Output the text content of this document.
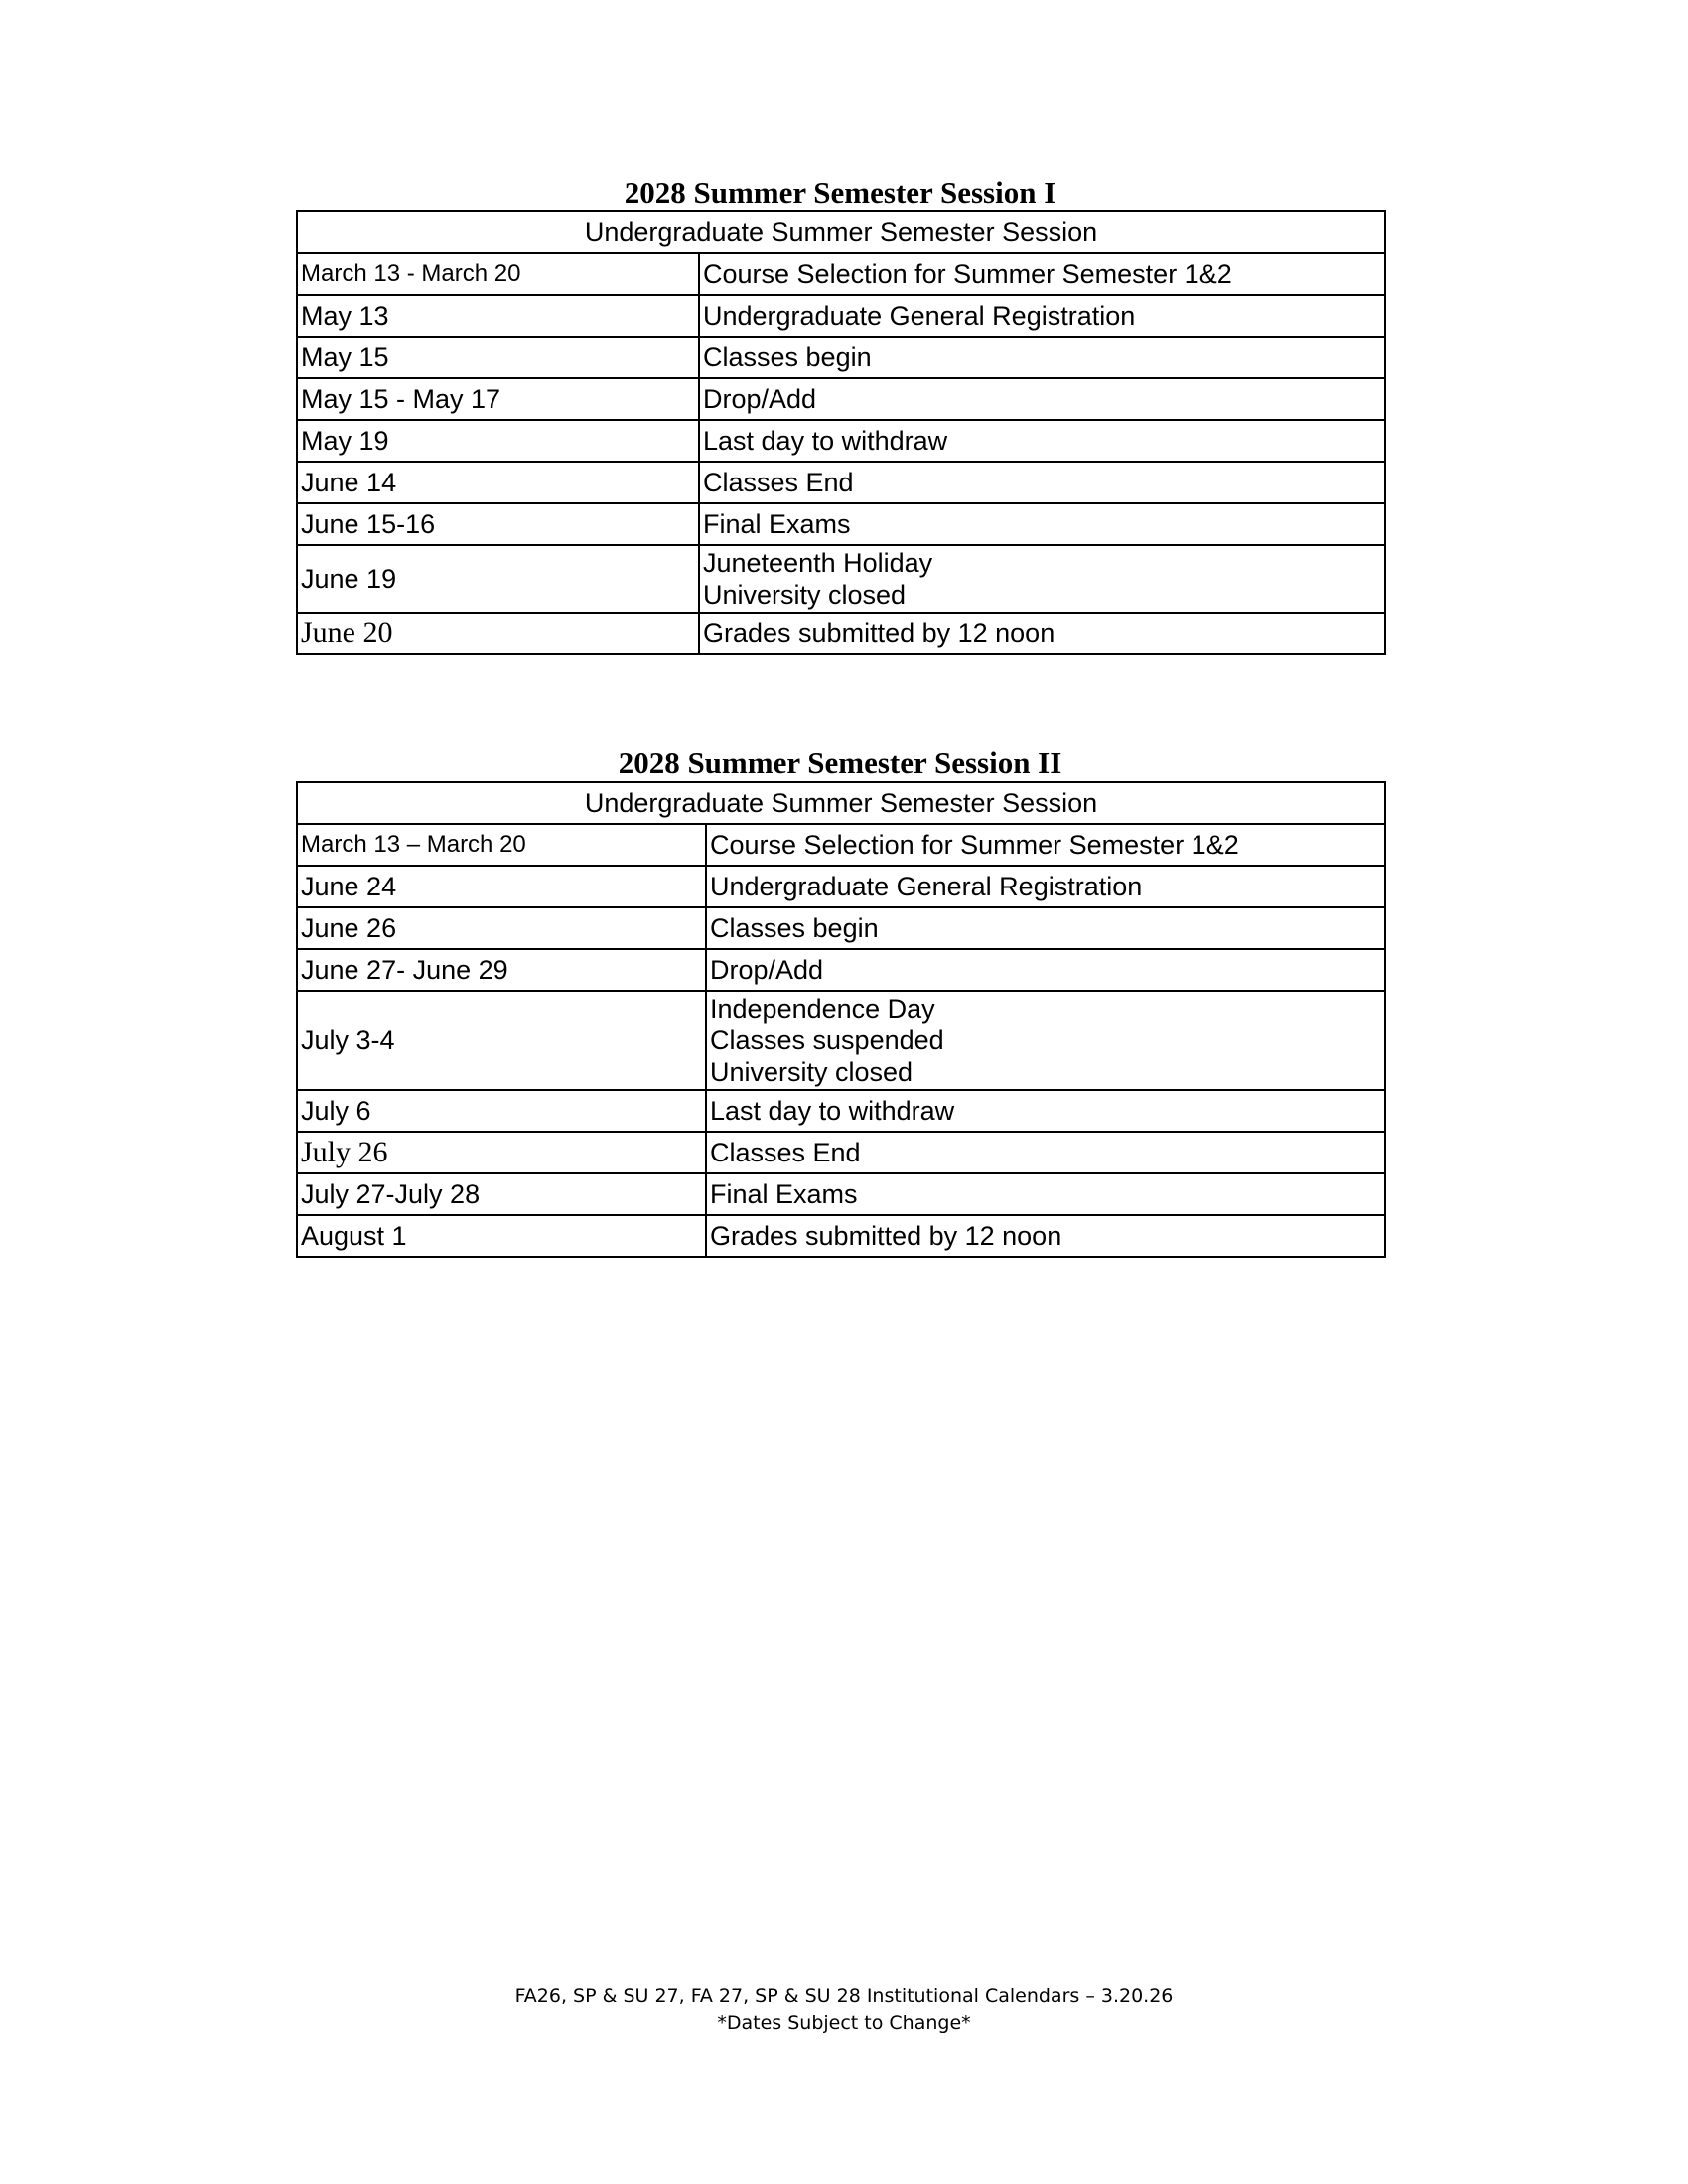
2028 Summer Semester Session I
Undergraduate Summer Semester Session	
March 13 - March 20	Course Selection for Summer Semester 1&2
May 13	Undergraduate General Registration
May 15	Classes begin
May 15 - May 17	Drop/Add
May 19	Last day to withdraw
June 14	Classes End
June 15-16	Final Exams
June 19	Juneteenth Holiday
University closed

June 20	Grades submitted by 12 noon
2028 Summer Semester Session II
Undergraduate Summer Semester Session	
March 13 – March 20	Course Selection for Summer Semester 1&2
June 24	Undergraduate General Registration
June 26	Classes begin
June 27- June 29	Drop/Add
July 3-4	Independence Day
Classes suspended
University closed

July 6	Last day to withdraw
July 26	Classes End
July 27-July 28	Final Exams
August 1	Grades submitted by 12 noon
FA26, SP & SU 27, FA 27, SP & SU 28 Institutional Calendars – 3.20.26
*Dates Subject to Change*
